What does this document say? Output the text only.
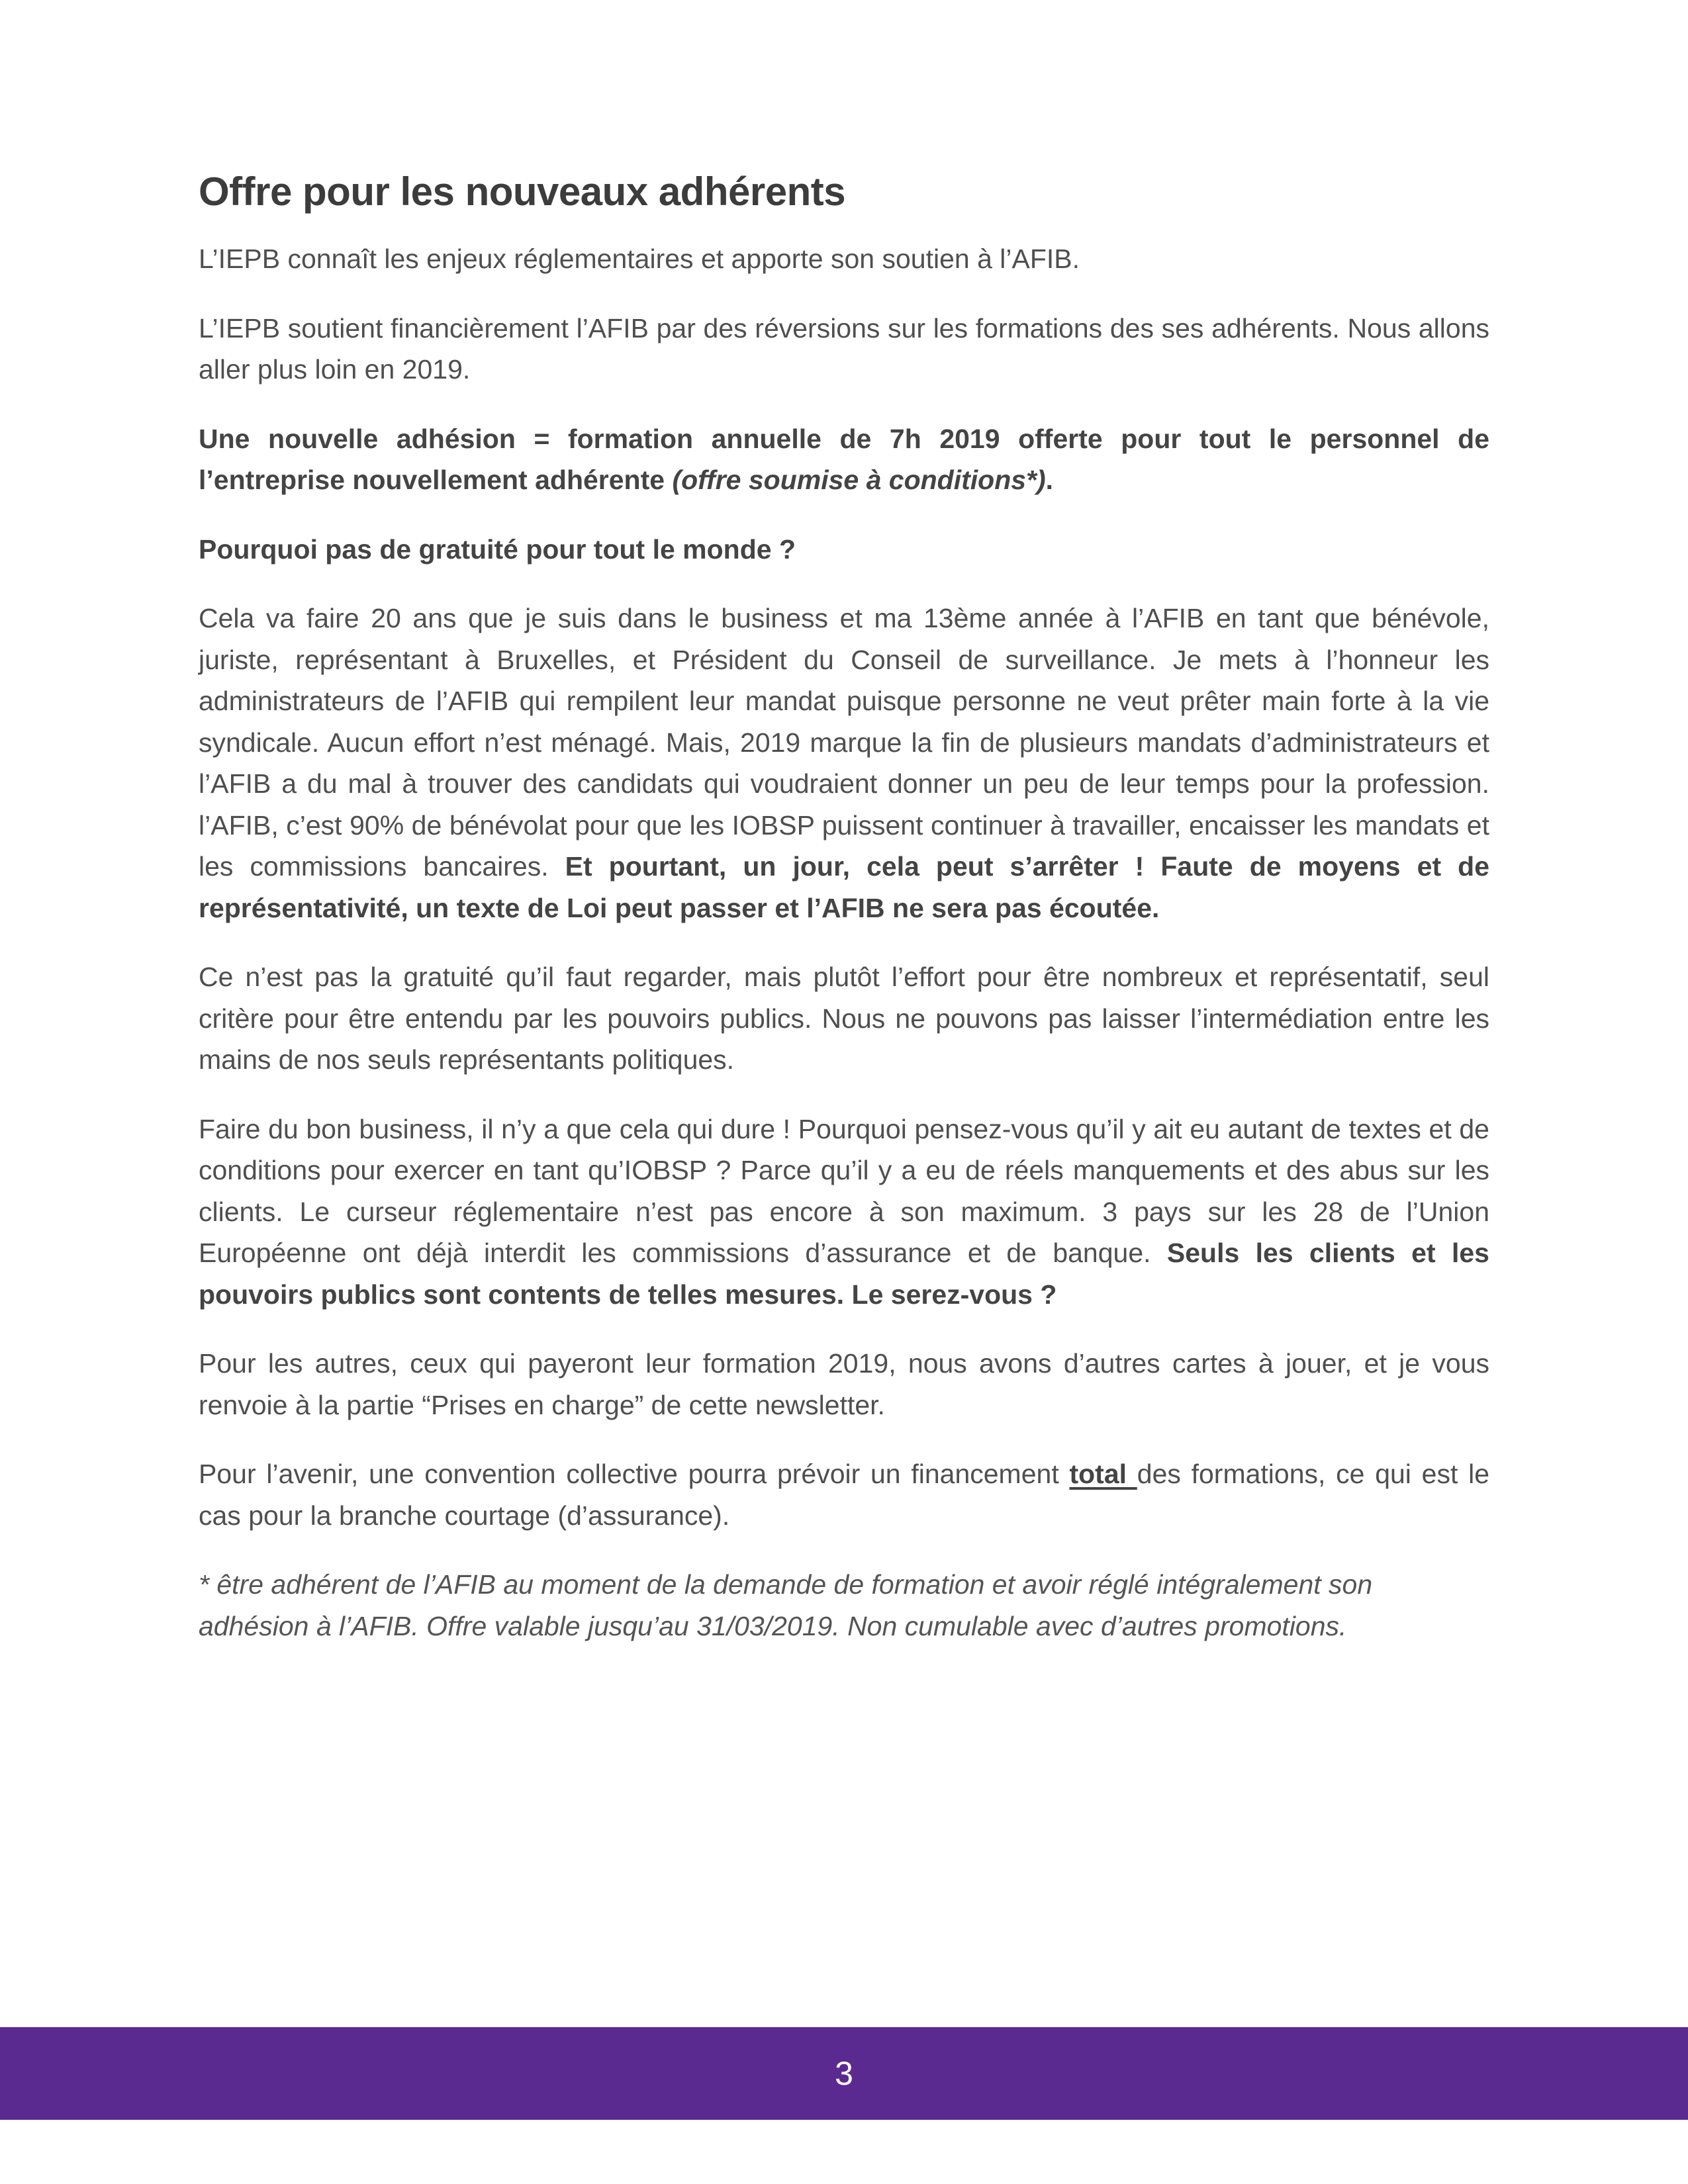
Offre pour les nouveaux adhérents

L’IEPB connaît les enjeux réglementaires et apporte son soutien à l’AFIB.

L’IEPB soutient financièrement l’AFIB par des réversions sur les formations des ses adhérents. Nous allons aller plus loin en 2019.

Une nouvelle adhésion = formation annuelle de 7h 2019 offerte pour tout le personnel de l’entreprise nouvellement adhérente (offre soumise à conditions*).

Pourquoi pas de gratuité pour tout le monde ?

Cela va faire 20 ans que je suis dans le business et ma 13ème année à l’AFIB en tant que bénévole, juriste, représentant à Bruxelles, et Président du Conseil de surveillance. Je mets à l’honneur les administrateurs de l’AFIB qui rempilent leur mandat puisque personne ne veut prêter main forte à la vie syndicale. Aucun effort n’est ménagé. Mais, 2019 marque la fin de plusieurs mandats d’administrateurs et l’AFIB a du mal à trouver des candidats qui voudraient donner un peu de leur temps pour la profession. l’AFIB, c’est 90% de bénévolat pour que les IOBSP puissent continuer à travailler, encaisser les mandats et les commissions bancaires. Et pourtant, un jour, cela peut s’arrêter ! Faute de moyens et de représentativité, un texte de Loi peut passer et l’AFIB ne sera pas écoutée.

Ce n’est pas la gratuité qu’il faut regarder, mais plutôt l’effort pour être nombreux et représentatif, seul critère pour être entendu par les pouvoirs publics. Nous ne pouvons pas laisser l’intermédiation entre les mains de nos seuls représentants politiques.

Faire du bon business, il n’y a que cela qui dure ! Pourquoi pensez-vous qu’il y ait eu autant de textes et de conditions pour exercer en tant qu’IOBSP ? Parce qu’il y a eu de réels manquements et des abus sur les clients. Le curseur réglementaire n’est pas encore à son maximum. 3 pays sur les 28 de l’Union Européenne ont déjà interdit les commissions d’assurance et de banque. Seuls les clients et les pouvoirs publics sont contents de telles mesures. Le serez-vous ?

Pour les autres, ceux qui payeront leur formation 2019, nous avons d’autres cartes à jouer, et je vous renvoie à la partie “Prises en charge” de cette newsletter.

Pour l’avenir, une convention collective pourra prévoir un financement total des formations, ce qui est le cas pour la branche courtage (d’assurance).

* être adhérent de l’AFIB au moment de la demande de formation et avoir réglé intégralement son adhésion à l’AFIB. Offre valable jusqu’au 31/03/2019. Non cumulable avec d’autres promotions.

3
